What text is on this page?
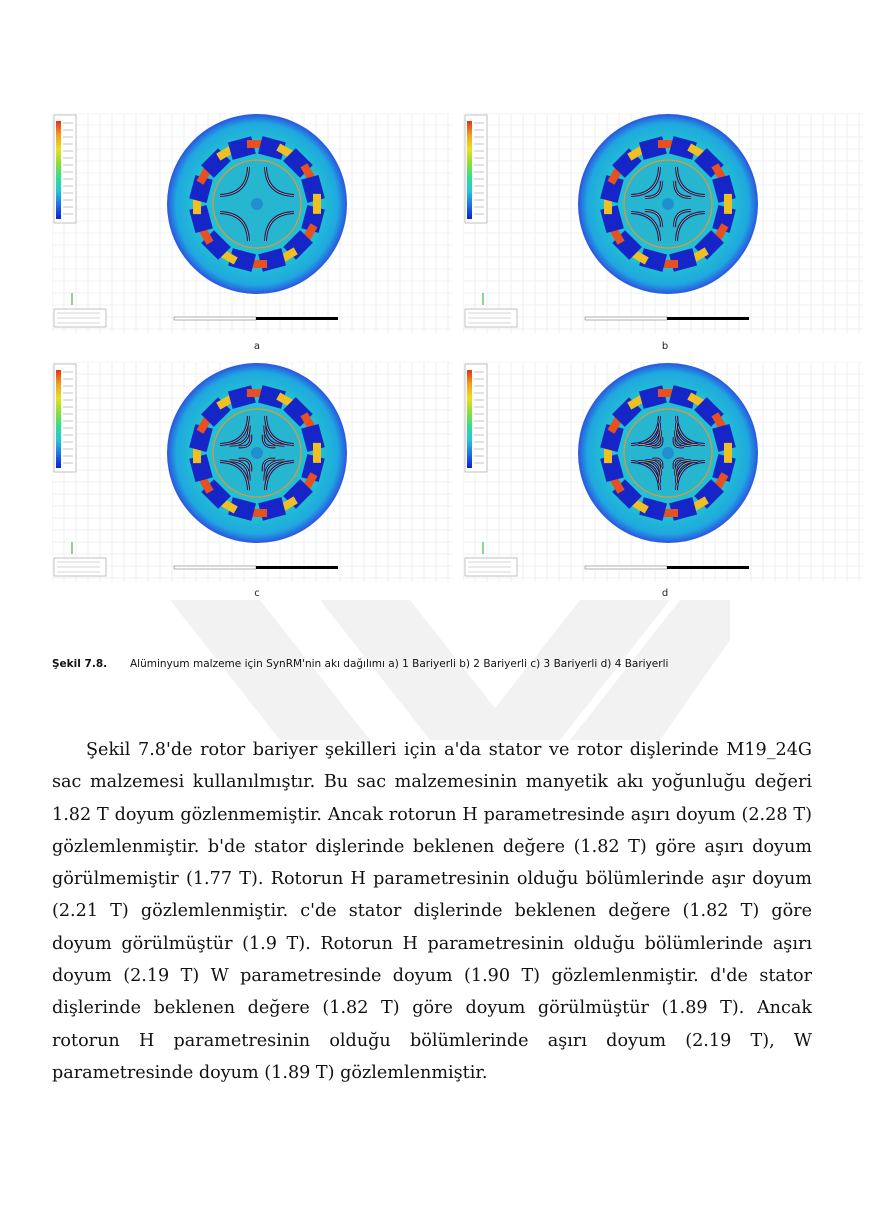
a	b
c	d
Şekil 7.8. Alüminyum malzeme için SynRM'nin akı dağılımı a) 1 Bariyerli b) 2 Bariyerli c) 3 Bariyerli d) 4 Bariyerli
Şekil 7.8'de rotor bariyer şekilleri için a'da stator ve rotor dişlerinde M19_24G sac malzemesi kullanılmıştır. Bu sac malzemesinin manyetik akı yoğunluğu değeri 1.82 T doyum gözlenmemiştir. Ancak rotorun H parametresinde aşırı doyum (2.28 T) gözlemlenmiştir. b'de stator dişlerinde beklenen değere (1.82 T) göre aşırı doyum görülmemiştir (1.77 T). Rotorun H parametresinin olduğu bölümlerinde aşır doyum (2.21 T) gözlemlenmiştir. c'de stator dişlerinde beklenen değere (1.82 T) göre doyum görülmüştür (1.9 T). Rotorun H parametresinin olduğu bölümlerinde aşırı doyum (2.19 T) W parametresinde doyum (1.90 T) gözlemlenmiştir. d'de stator dişlerinde beklenen değere (1.82 T) göre doyum görülmüştür (1.89 T). Ancak rotorun H parametresinin olduğu bölümlerinde aşırı doyum (2.19 T), W parametresinde doyum (1.89 T) gözlemlenmiştir.
